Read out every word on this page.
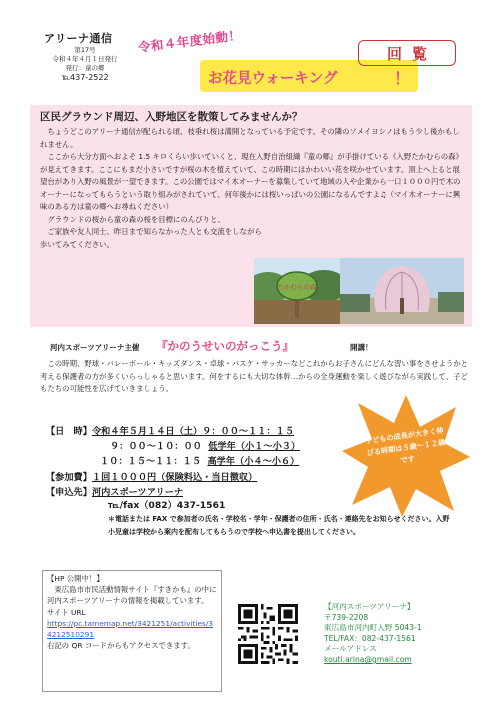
アリーナ通信
第17号
令和４年４月１日発行
発行：童の郷
℡437-2522
令和４年度始動！
お花見ウォーキング	！
回覧
区民グラウンド周辺、入野地区を散策してみませんか？

ちょうどこのアリーナ通信が配られる頃、枝垂れ桜は満開となっている予定です。その隣のソメイヨシノはもう少し後かもしれません。

ここから大分方面へおよそ 1.5 キロくらい歩いていくと、現在入野自治組織『童の郷』が手掛けている《入野たかむらの森》が見えてきます。ここにもまだ小さいですが桜の木を植えていて、この時期にはかわいい花を咲かせています。頂上へ上ると展望台があり入野の風景が一望できます。この公園ではマイ木オーナーを募集していて地域の人や企業から一口１０００円で木のオーナーになってもらうという取り組みがされていて、何年後かには桜いっぱいの公園になるんですよ♫（マイ木オーナーに興味のある方は童の郷へお尋ねください）

グラウンドの桜から童の森の桜を目標にのんびりと、

ご家族や友人同士、昨日まで知らなかった人とも交流をしながら歩いてみてください。

たかむらの森
河内スポーツアリーナ主催 『かのうせいのがっこう』	開講！
この時期、野球・バレーボール・キッズダンス・卓球・バスケ・サッカーなどこれからお子さんにどんな習い事をさせようかと考える保護者の方が多くいらっしゃると思います。何をするにも大切な体幹…からの全身運動を楽しく遊びながら実践して、子どもたちの可能性を広げていきましょう。
【日　時】令和４年５月１４日（土）９：００～１１：１５
９：００～１０：００ 低学年（小１～小３）
１０：１５～１１：１５ 高学年（小４～小６）
【参加費】１回１０００円（保険料込・当日徴収）
【申込先】河内スポーツアリーナ
℡/fax（082）437-1561
＊電話または FAX で参加者の氏名・学校名・学年・保護者の住所・氏名・連絡先をお知らせください。入野小児童は学校から案内を配布してもらうので学校へ申込書を提出してください。
子どもの成長が大きく伸びる時期は５歳～１２歳です
【HP 公開中！】
東広島市市民活動情報サイト『すきかも』の中に河内スポーツアリーナの情報を掲載しています。
サイト URL
https://pc.tamemap.net/3421251/activities/34212510291
右記の QR コードからもアクセスできます。
【河内スポーツアリーナ】
〒739-2208
東広島市河内町入野 5043-1
TEL/FAX：082-437-1561
メールアドレス
kouti.arina@gmail.com
